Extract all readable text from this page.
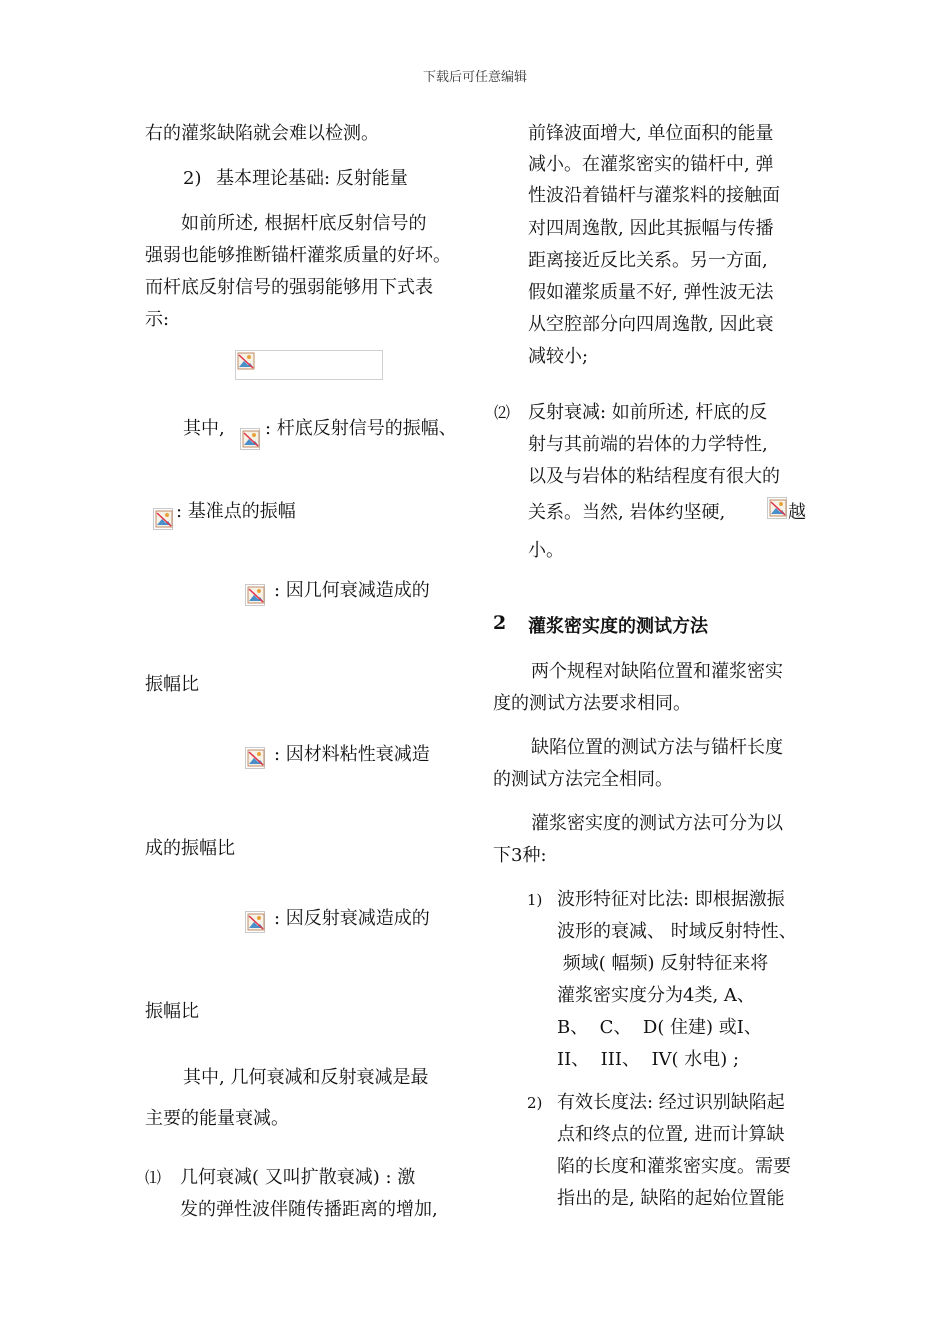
下载后可任意编辑
右的灌浆缺陷就会难以检测。
2) 基本理论基础: 反射能量
如前所述, 根据杆底反射信号的
强弱也能够推断锚杆灌浆质量的好坏。
而杆底反射信号的强弱能够用下式表
示:
其中, : 杆底反射信号的振幅、
: 基准点的振幅
: 因几何衰减造成的
振幅比
: 因材料粘性衰减造
成的振幅比
: 因反射衰减造成的
振幅比
其中, 几何衰减和反射衰减是最
主要的能量衰减。
⑴ 几何衰减( 又叫扩散衰减) : 激
发的弹性波伴随传播距离的增加,
前锋波面增大, 单位面积的能量
减小。在灌浆密实的锚杆中, 弹
性波沿着锚杆与灌浆料的接触面
对四周逸散, 因此其振幅与传播
距离接近反比关系。另一方面,
假如灌浆质量不好, 弹性波无法
从空腔部分向四周逸散, 因此衰
减较小;
⑵ 反射衰减: 如前所述, 杆底的反
射与其前端的岩体的力学特性,
以及与岩体的粘结程度有很大的
关系。当然, 岩体约坚硬,	越
小。
2 灌浆密实度的测试方法
两个规程对缺陷位置和灌浆密实
度的测试方法要求相同。
缺陷位置的测试方法与锚杆长度
的测试方法完全相同。
灌浆密实度的测试方法可分为以
下3种:
1) 波形特征对比法: 即根据激振
波形的衰减、 时域反射特性、
频域( 幅频) 反射特征来将
灌浆密实度分为4类, A、
B、  C、  D( 住建) 或I、
II、  III、  IV( 水电) ;
2) 有效长度法: 经过识别缺陷起
点和终点的位置, 进而计算缺
陷的长度和灌浆密实度。需要
指出的是, 缺陷的起始位置能
